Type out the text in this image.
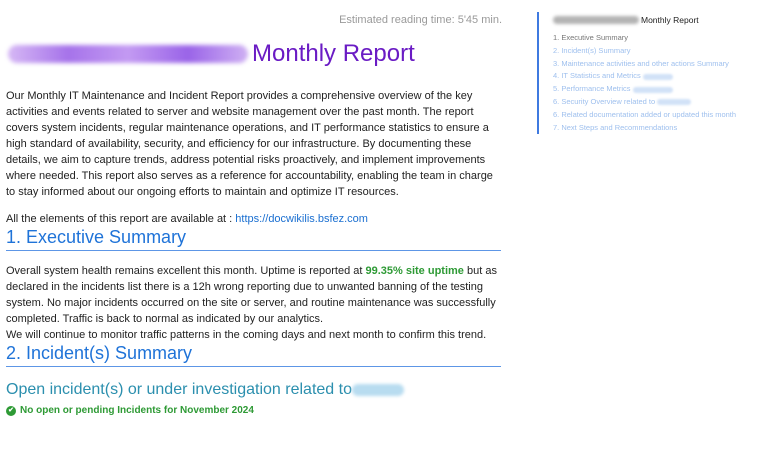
Estimated reading time: 5'45 min.
Monthly Report

Our Monthly IT Maintenance and Incident Report provides a comprehensive overview of the key activities and events related to server and website management over the past month. The report covers system incidents, regular maintenance operations, and IT performance statistics to ensure a high standard of availability, security, and efficiency for our infrastructure. By documenting these details, we aim to capture trends, address potential risks proactively, and implement improvements where needed. This report also serves as a reference for accountability, enabling the team in charge to stay informed about our ongoing efforts to maintain and optimize IT resources.

All the elements of this report are available at : https://docwikilis.bsfez.com

1. Executive Summary

Overall system health remains excellent this month. Uptime is reported at 99.35% site uptime but as declared in the incidents list there is a 12h wrong reporting due to unwanted banning of the testing system. No major incidents occurred on the site or server, and routine maintenance was successfully completed. Traffic is back to normal as indicated by our analytics.

We will continue to monitor traffic patterns in the coming days and next month to confirm this trend.

2. Incident(s) Summary
Open incident(s) or under investigation related to
✔ No open or pending Incidents for November 2024
Monthly Report
1. Executive Summary
2. Incident(s) Summary
3. Maintenance activities and other actions Summary
4. IT Statistics and Metrics
5. Performance Metrics
6. Security Overview related to
6. Related documentation added or updated this month
7. Next Steps and Recommendations
